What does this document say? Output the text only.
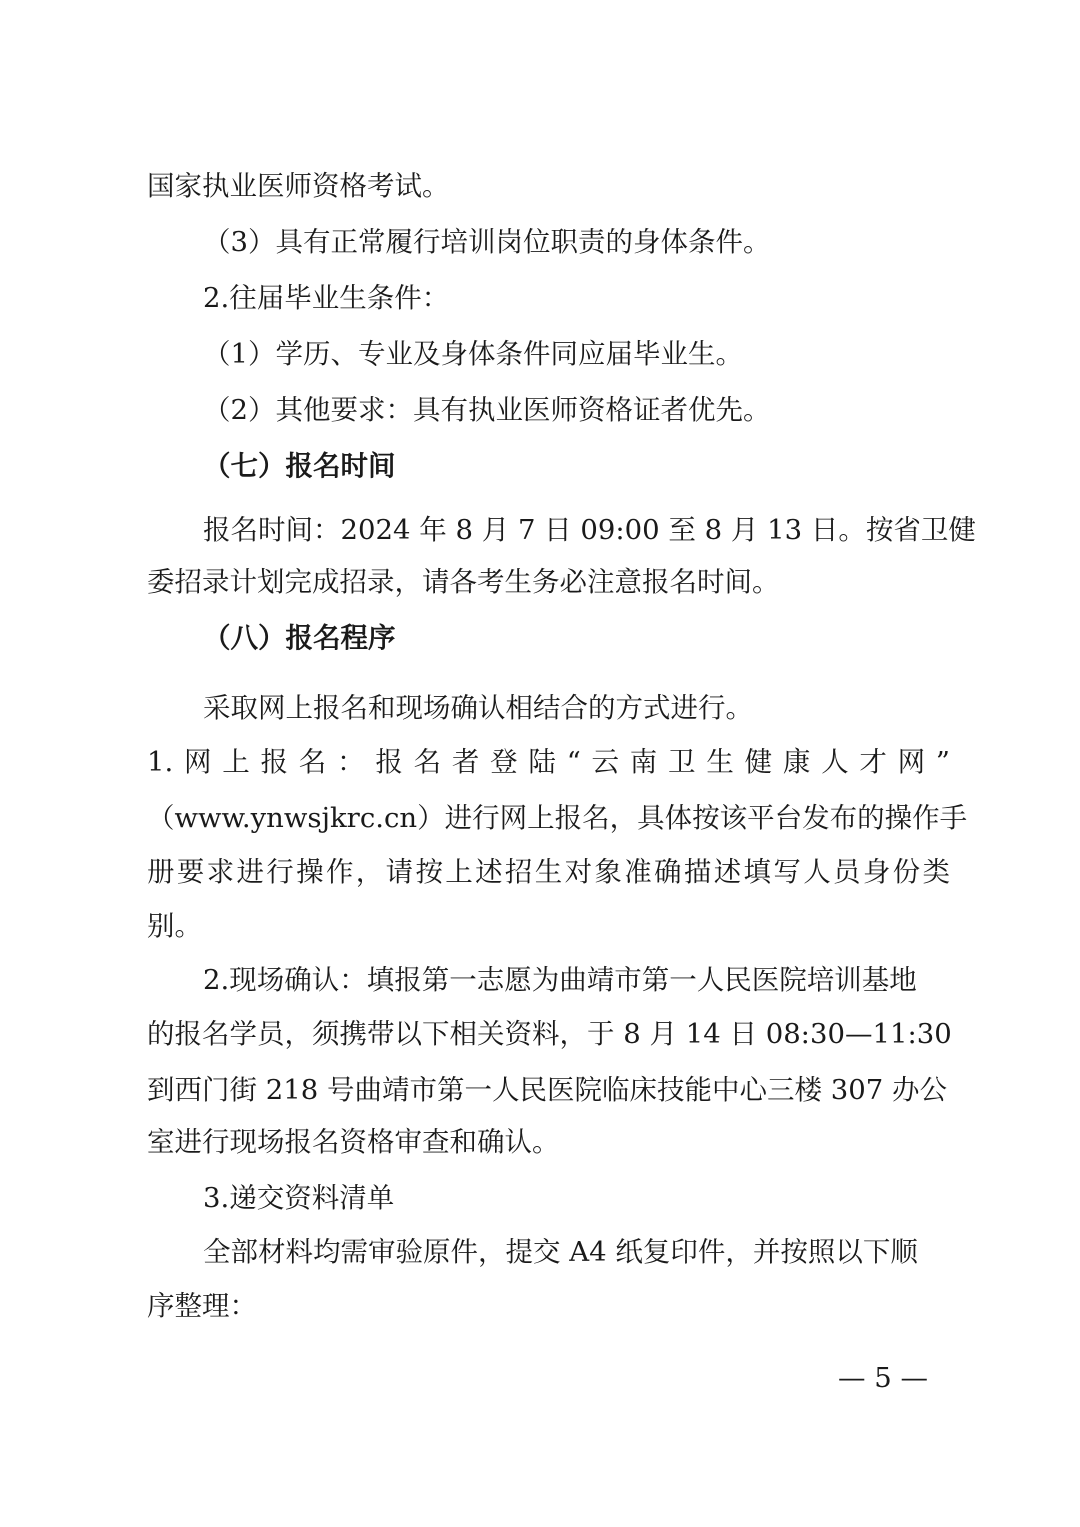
国家执业医师资格考试。

（3）具有正常履行培训岗位职责的身体条件。

2.往届毕业生条件：

（1）学历、专业及身体条件同应届毕业生。

（2）其他要求：具有执业医师资格证者优先。

（七）报名时间

报名时间：2024 年 8 月 7 日 09:00 至 8 月 13 日。按省卫健

委招录计划完成招录，请各考生务必注意报名时间。

（八）报名程序

采取网上报名和现场确认相结合的方式进行。

1.网上报名：报名者登陆“云南卫生健康人才网”

（www.ynwsjkrc.cn）进行网上报名，具体按该平台发布的操作手

册要求进行操作，请按上述招生对象准确描述填写人员身份类

别。

2.现场确认：填报第一志愿为曲靖市第一人民医院培训基地

的报名学员，须携带以下相关资料，于 8 月 14 日 08:30—11:30

到西门街 218 号曲靖市第一人民医院临床技能中心三楼 307 办公

室进行现场报名资格审查和确认。

3.递交资料清单

全部材料均需审验原件，提交 A4 纸复印件，并按照以下顺

序整理：

— 5 —
